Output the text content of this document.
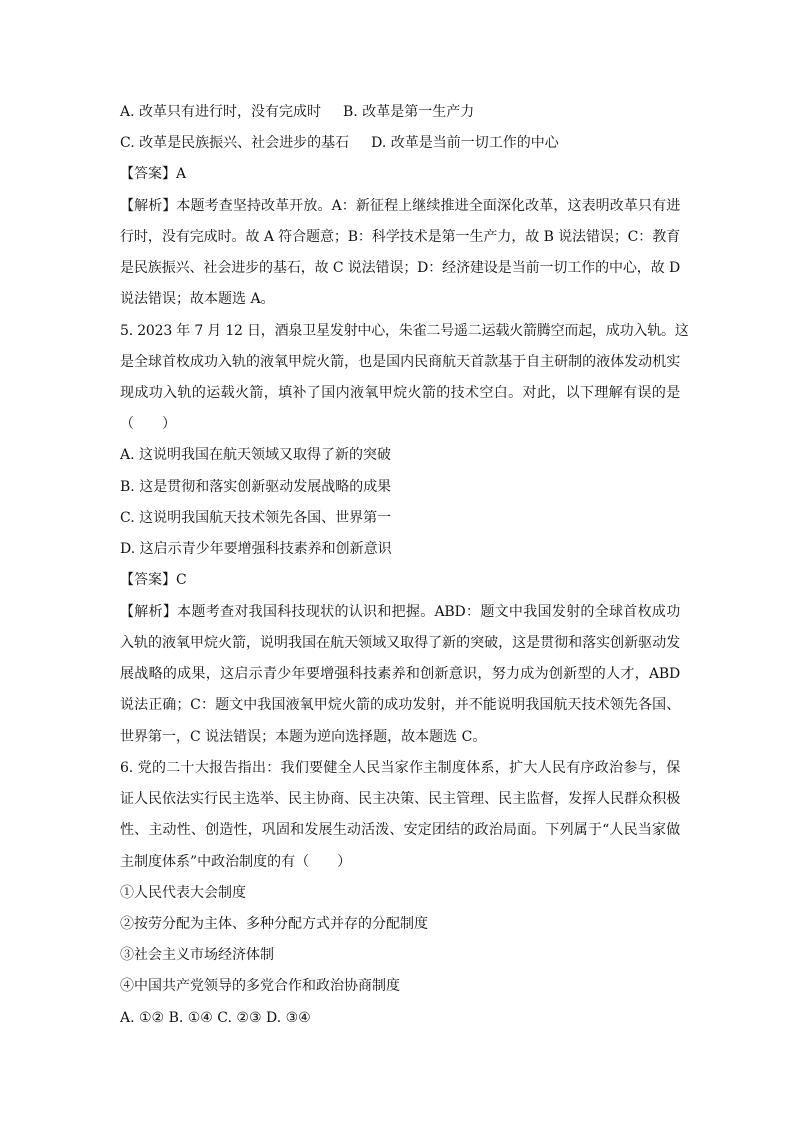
A. 改革只有进行时，没有完成时 B. 改革是第一生产力
C. 改革是民族振兴、社会进步的基石 D. 改革是当前一切工作的中心
【答案】A
【解析】本题考查坚持改革开放。A：新征程上继续推进全面深化改革，这表明改革只有进
行时，没有完成时。故 A 符合题意；B：科学技术是第一生产力，故 B 说法错误；C：教育
是民族振兴、社会进步的基石，故 C 说法错误；D：经济建设是当前一切工作的中心，故 D
说法错误；故本题选 A。
5. 2023 年 7 月 12 日，酒泉卫星发射中心，朱雀二号遥二运载火箭腾空而起，成功入轨。这
是全球首枚成功入轨的液氧甲烷火箭，也是国内民商航天首款基于自主研制的液体发动机实
现成功入轨的运载火箭，填补了国内液氧甲烷火箭的技术空白。对此，以下理解有误的是
（　　）
A. 这说明我国在航天领域又取得了新的突破
B. 这是贯彻和落实创新驱动发展战略的成果
C. 这说明我国航天技术领先各国、世界第一
D. 这启示青少年要增强科技素养和创新意识
【答案】C
【解析】本题考查对我国科技现状的认识和把握。ABD：题文中我国发射的全球首枚成功
入轨的液氧甲烷火箭，说明我国在航天领域又取得了新的突破，这是贯彻和落实创新驱动发
展战略的成果，这启示青少年要增强科技素养和创新意识，努力成为创新型的人才，ABD
说法正确；C：题文中我国液氧甲烷火箭的成功发射，并不能说明我国航天技术领先各国、
世界第一，C 说法错误；本题为逆向选择题，故本题选 C。
6. 党的二十大报告指出：我们要健全人民当家作主制度体系，扩大人民有序政治参与，保
证人民依法实行民主选举、民主协商、民主决策、民主管理、民主监督，发挥人民群众积极
性、主动性、创造性，巩固和发展生动活泼、安定团结的政治局面。下列属于“人民当家做
主制度体系”中政治制度的有（　　）
①人民代表大会制度
②按劳分配为主体、多种分配方式并存的分配制度
③社会主义市场经济体制
④中国共产党领导的多党合作和政治协商制度
A. ①② B. ①④ C. ②③ D. ③④
